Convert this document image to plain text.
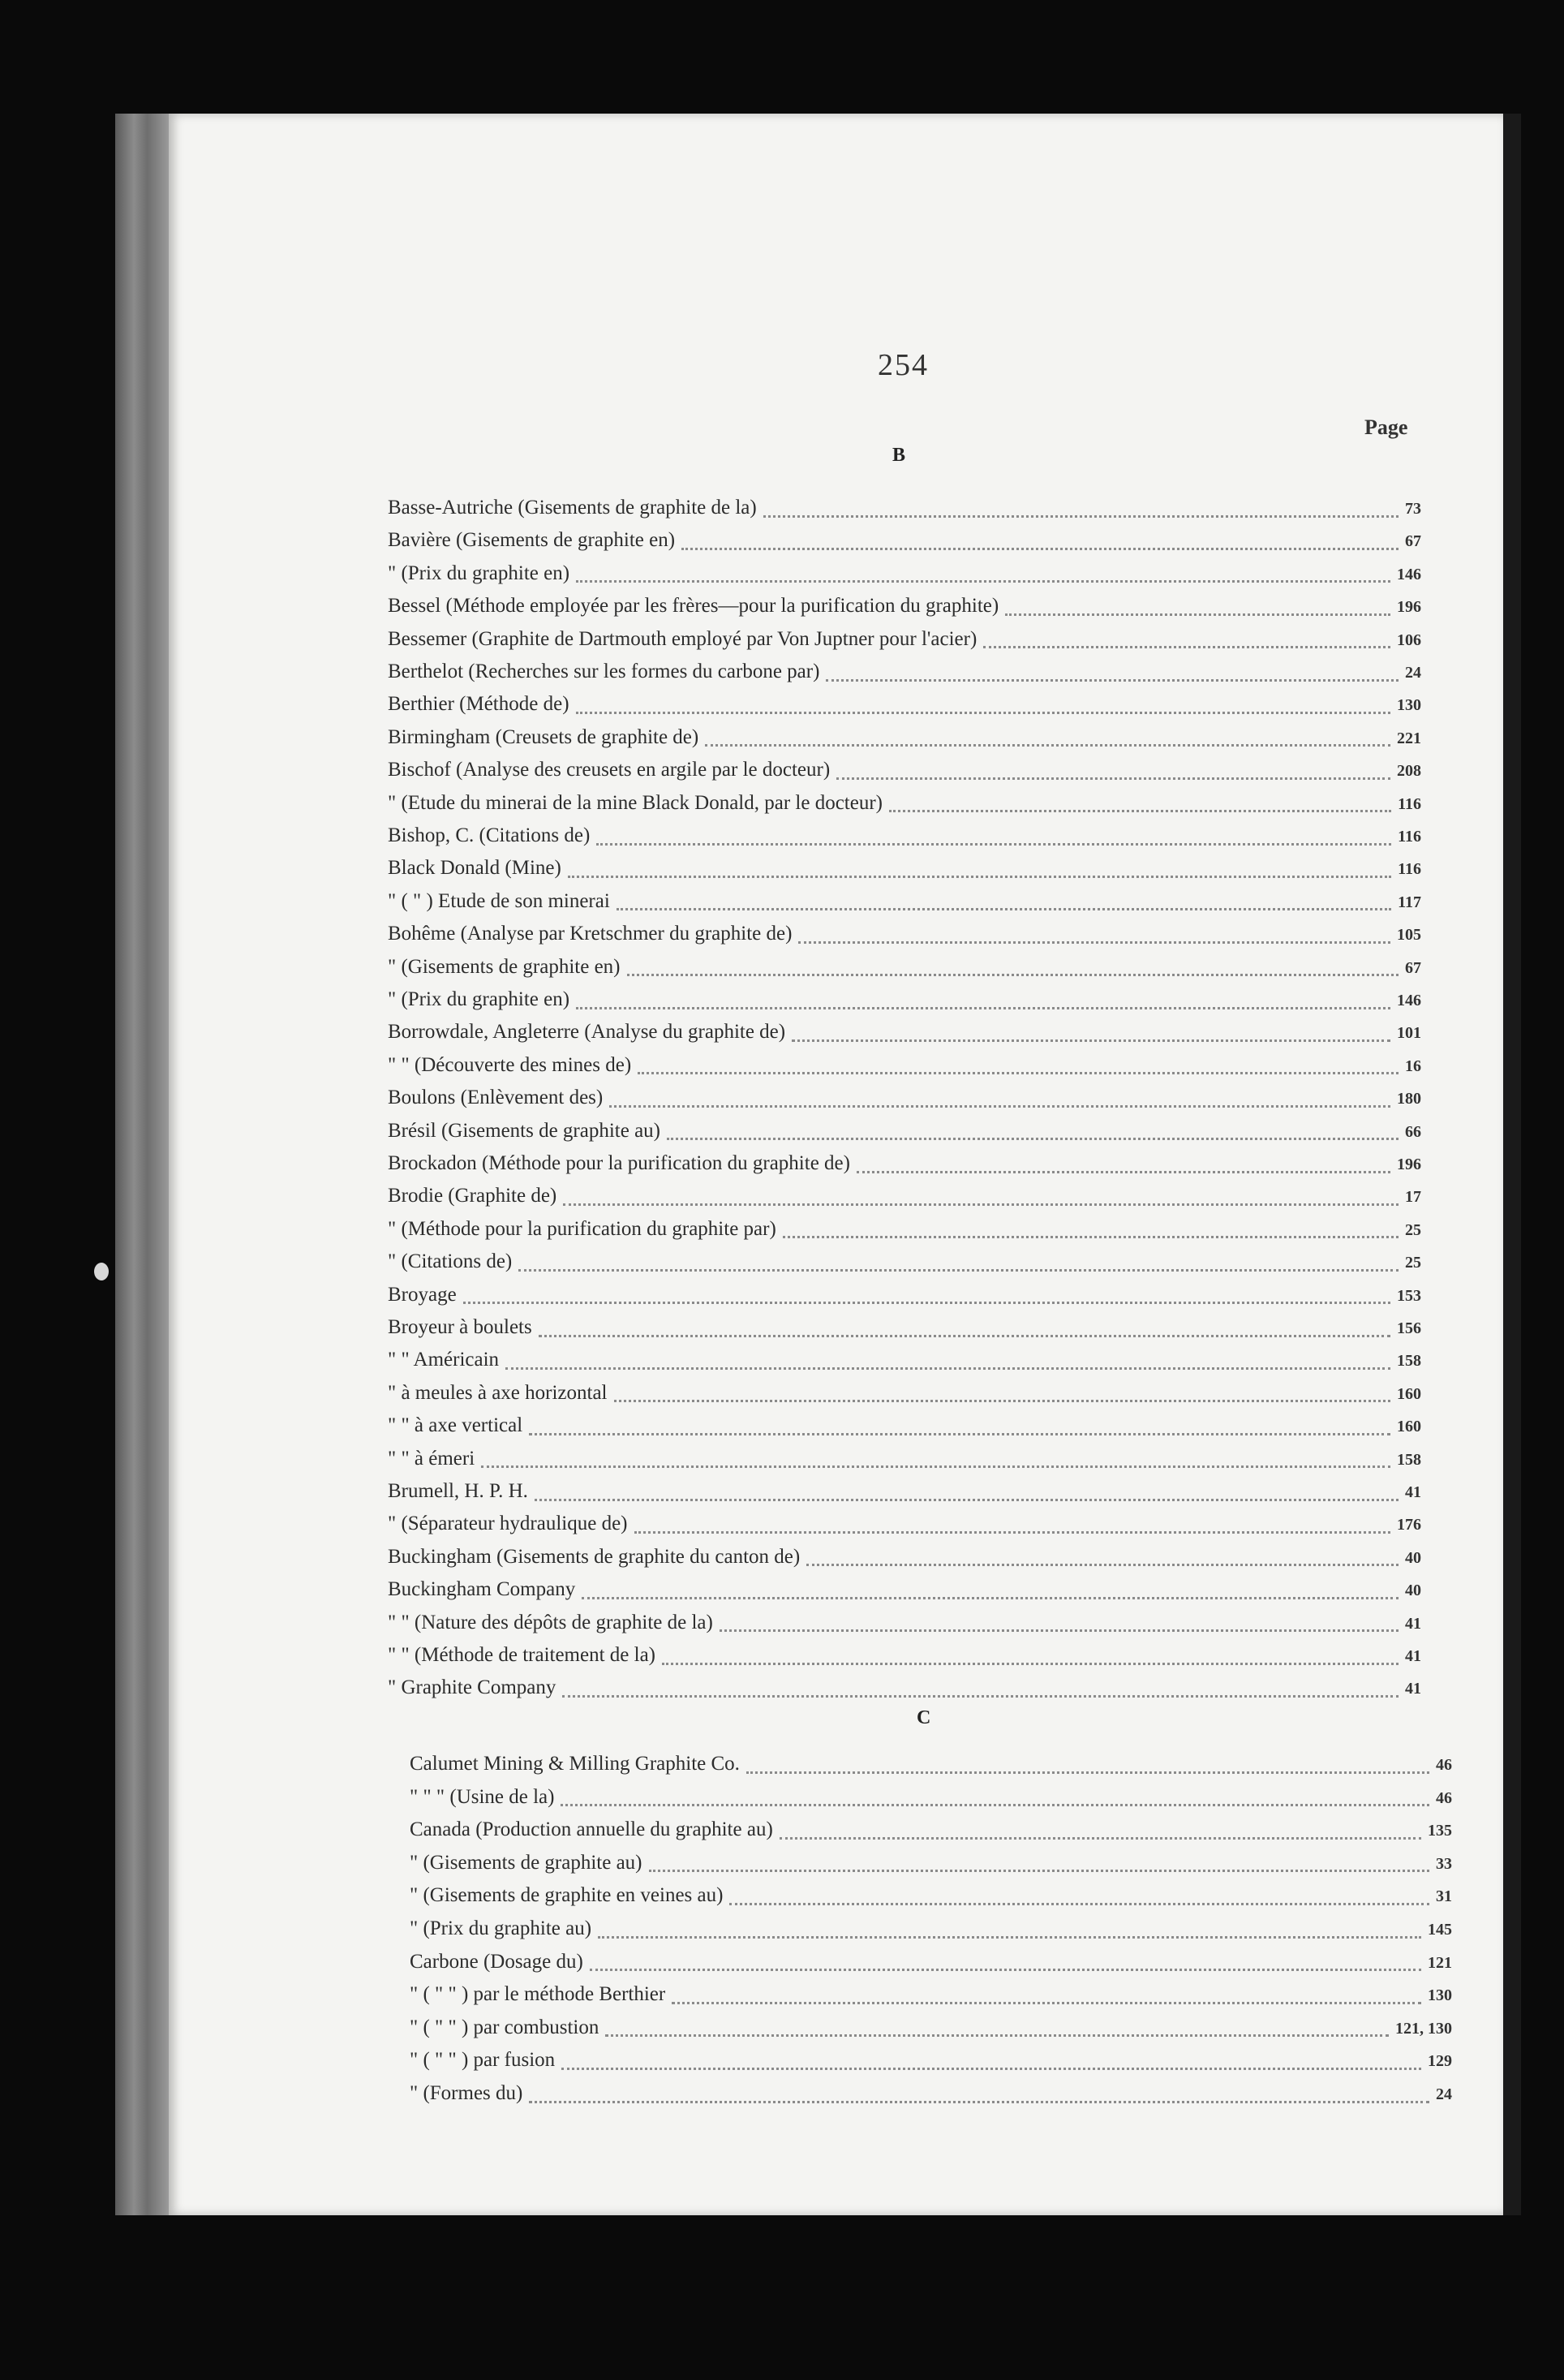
254
Page
B
Basse-Autriche (Gisements de graphite de la)	73
Bavière (Gisements de graphite en)	67
" (Prix du graphite en)	146
Bessel (Méthode employée par les frères—pour la purification du graphite)	196
Bessemer (Graphite de Dartmouth employé par Von Juptner pour l'acier)	106
Berthelot (Recherches sur les formes du carbone par)	24
Berthier (Méthode de)	130
Birmingham (Creusets de graphite de)	221
Bischof (Analyse des creusets en argile par le docteur)	208
" (Etude du minerai de la mine Black Donald, par le docteur)	116
Bishop, C. (Citations de)	116
Black Donald (Mine)	116
" ( " ) Etude de son minerai	117
Bohême (Analyse par Kretschmer du graphite de)	105
" (Gisements de graphite en)	67
" (Prix du graphite en)	146
Borrowdale, Angleterre (Analyse du graphite de)	101
" " (Découverte des mines de)	16
Boulons (Enlèvement des)	180
Brésil (Gisements de graphite au)	66
Brockadon (Méthode pour la purification du graphite de)	196
Brodie (Graphite de)	17
" (Méthode pour la purification du graphite par)	25
" (Citations de)	25
Broyage	153
Broyeur à boulets	156
" " Américain	158
" à meules à axe horizontal	160
" " à axe vertical	160
" " à émeri	158
Brumell, H. P. H.	41
" (Séparateur hydraulique de)	176
Buckingham (Gisements de graphite du canton de)	40
Buckingham Company	40
" " (Nature des dépôts de graphite de la)	41
" " (Méthode de traitement de la)	41
" Graphite Company	41
C
Calumet Mining & Milling Graphite Co.	46
" " " (Usine de la)	46
Canada (Production annuelle du graphite au)	135
" (Gisements de graphite au)	33
" (Gisements de graphite en veines au)	31
" (Prix du graphite au)	145
Carbone (Dosage du)	121
" ( " " ) par le méthode Berthier	130
" ( " " ) par combustion	121, 130
" ( " " ) par fusion	129
" (Formes du)	24
